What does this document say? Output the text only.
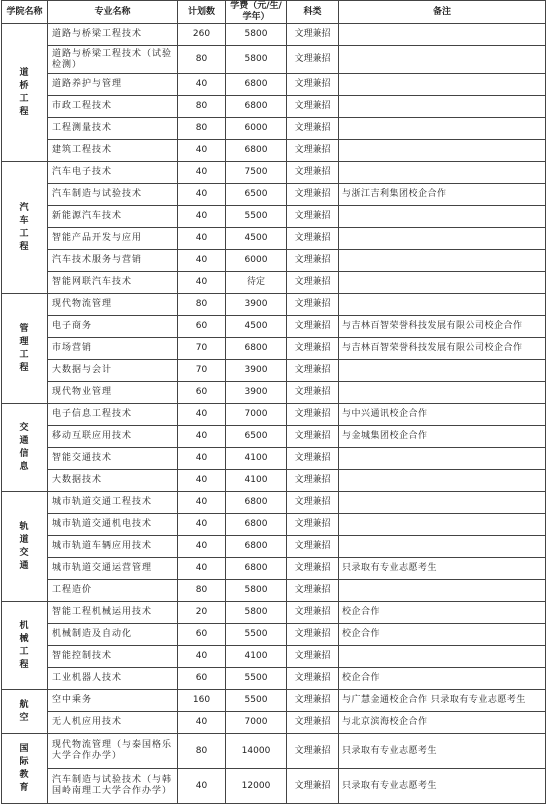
学院名称	专业名称	计划数	学费（元/生/学年）	科类	备注
道桥工程	道路与桥梁工程技术	260	5800	文理兼招	
	道路与桥梁工程技术（试验检测）	80	5800	文理兼招	
	道路养护与管理	40	6800	文理兼招	
	市政工程技术	80	6800	文理兼招	
	工程测量技术	80	6000	文理兼招	
	建筑工程技术	40	6800	文理兼招	
汽车工程	汽车电子技术	40	7500	文理兼招	
	汽车制造与试验技术	40	6500	文理兼招	与浙江吉利集团校企合作
	新能源汽车技术	40	5500	文理兼招	
	智能产品开发与应用	40	4500	文理兼招	
	汽车技术服务与营销	40	6000	文理兼招	
	智能网联汽车技术	40	待定	文理兼招	
管理工程	现代物流管理	80	3900	文理兼招	
	电子商务	60	4500	文理兼招	与吉林百智荣誉科技发展有限公司校企合作
	市场营销	70	6800	文理兼招	与吉林百智荣誉科技发展有限公司校企合作
	大数据与会计	70	3900	文理兼招	
	现代物业管理	60	3900	文理兼招	
交通信息	电子信息工程技术	40	7000	文理兼招	与中兴通讯校企合作
	移动互联应用技术	40	6500	文理兼招	与金城集团校企合作
	智能交通技术	40	4100	文理兼招	
	大数据技术	40	4100	文理兼招	
轨道交通	城市轨道交通工程技术	40	6800	文理兼招	
	城市轨道交通机电技术	40	6800	文理兼招	
	城市轨道车辆应用技术	40	6800	文理兼招	
	城市轨道交通运营管理	40	6800	文理兼招	只录取有专业志愿考生
	工程造价	80	5800	文理兼招	
机械工程	智能工程机械运用技术	20	5800	文理兼招	校企合作
	机械制造及自动化	60	5500	文理兼招	校企合作
	智能控制技术	40	4100	文理兼招	
	工业机器人技术	60	5500	文理兼招	校企合作
航空	空中乘务	160	5500	文理兼招	与广慧金通校企合作 只录取有专业志愿考生
	无人机应用技术	40	7000	文理兼招	与北京滨海校企合作
国际教育	现代物流管理（与泰国格乐大学合作办学）	80	14000	文理兼招	只录取有专业志愿考生
	汽车制造与试验技术（与韩国岭南理工大学合作办学）	40	12000	文理兼招	只录取有专业志愿考生
